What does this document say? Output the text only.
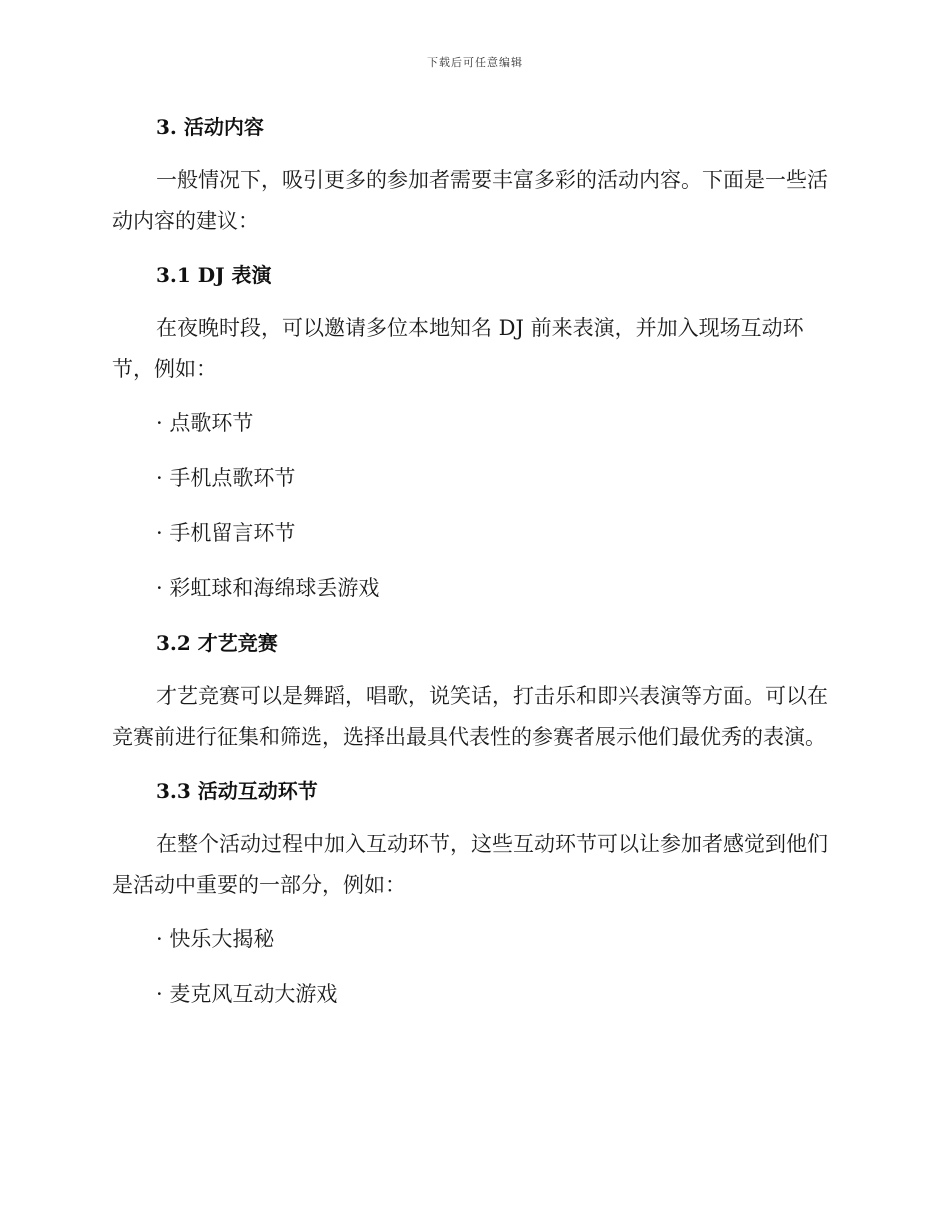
下载后可任意编辑

3. 活动内容

一般情况下，吸引更多的参加者需要丰富多彩的活动内容。下面是一些活动内容的建议：

3.1 DJ 表演

在夜晚时段，可以邀请多位本地知名 DJ 前来表演，并加入现场互动环节，例如：

· 点歌环节

· 手机点歌环节

· 手机留言环节

· 彩虹球和海绵球丢游戏

3.2 才艺竞赛

才艺竞赛可以是舞蹈，唱歌，说笑话，打击乐和即兴表演等方面。可以在竞赛前进行征集和筛选，选择出最具代表性的参赛者展示他们最优秀的表演。

3.3 活动互动环节

在整个活动过程中加入互动环节，这些互动环节可以让参加者感觉到他们是活动中重要的一部分，例如：

· 快乐大揭秘

· 麦克风互动大游戏
